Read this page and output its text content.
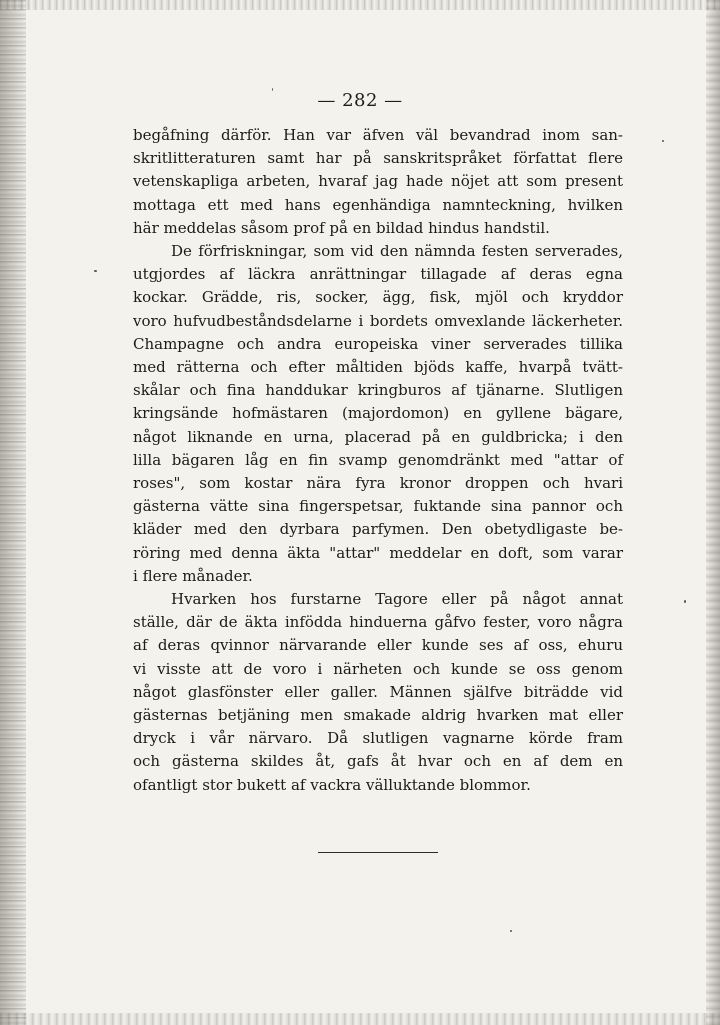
— 282 —

begåfning därför. Han var äfven väl bevandrad inom san-
skritlitteraturen samt har på sanskritspråket författat flere
vetenskapliga arbeten, hvaraf jag hade nöjet att som present
mottaga ett med hans egenhändiga namnteckning, hvilken
här meddelas såsom prof på en bildad hindus handstil.

De förfriskningar, som vid den nämnda festen serverades,
utgjordes af läckra anrättningar tillagade af deras egna
kockar. Grädde, ris, socker, ägg, fisk, mjöl och kryddor
voro hufvudbeståndsdelarne i bordets omvexlande läckerheter.
Champagne och andra europeiska viner serverades tillika
med rätterna och efter måltiden bjöds kaffe, hvarpå tvätt-
skålar och fina handdukar kringburos af tjänarne. Slutligen
kringsände hofmästaren (majordomon) en gyllene bägare,
något liknande en urna, placerad på en guldbricka; i den
lilla bägaren låg en fin svamp genomdränkt med "attar of
roses", som kostar nära fyra kronor droppen och hvari
gästerna vätte sina fingerspetsar, fuktande sina pannor och
kläder med den dyrbara parfymen. Den obetydligaste be-
röring med denna äkta "attar" meddelar en doft, som varar
i flere månader.

Hvarken hos furstarne Tagore eller på något annat
ställe, där de äkta infödda hinduerna gåfvo fester, voro några
af deras qvinnor närvarande eller kunde ses af oss, ehuru
vi visste att de voro i närheten och kunde se oss genom
något glasfönster eller galler. Männen själfve biträdde vid
gästernas betjäning men smakade aldrig hvarken mat eller
dryck i vår närvaro. Då slutligen vagnarne körde fram
och gästerna skildes åt, gafs åt hvar och en af dem en
ofantligt stor bukett af vackra välluktande blommor.
